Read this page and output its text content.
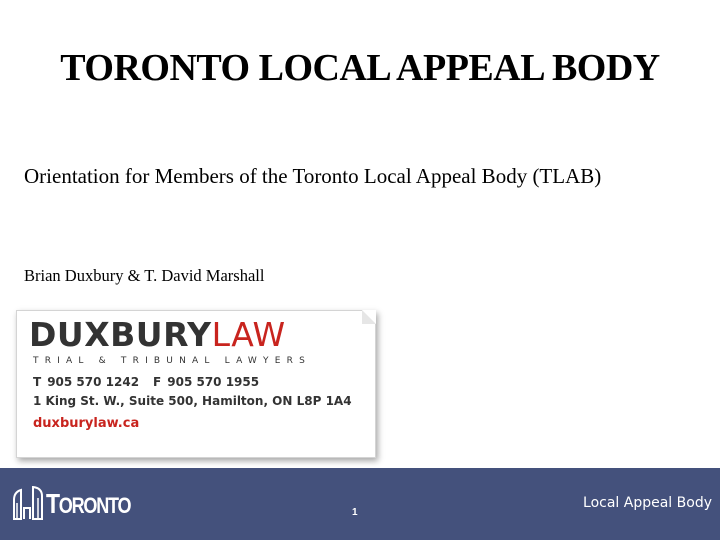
TORONTO LOCAL APPEAL BODY
Orientation for Members of the Toronto Local Appeal Body (TLAB)
Brian Duxbury & T. David Marshall
DUXBURYLAW
TRIAL & TRIBUNAL LAWYERS
T 905 570 1242 F 905 570 1955
1 King St. W., Suite 500, Hamilton, ON L8P 1A4
duxburylaw.ca
TORONTO	1
Local Appeal Body
